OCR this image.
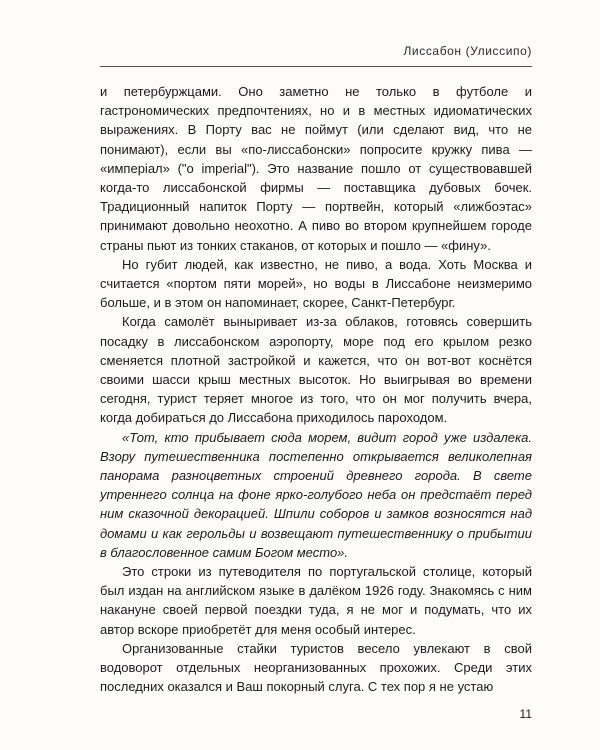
Лиссабон (Улиссипо)

и петербуржцами. Оно заметно не только в футболе и гастрономических предпочтениях, но и в местных идиоматических выражениях. В Порту вас не поймут (или сделают вид, что не понимают), если вы «по-лиссабонски» попросите кружку пива — «имперіал» ("o imperial"). Это название пошло от существовавшей когда-то лиссабонской фирмы — поставщика дубовых бочек. Традиционный напиток Порту — портвейн, который «лижбоэтас» принимают довольно неохотно. А пиво во втором крупнейшем городе страны пьют из тонких стаканов, от которых и пошло — «фину».

Но губит людей, как известно, не пиво, а вода. Хоть Москва и считается «портом пяти морей», но воды в Лиссабоне неизмеримо больше, и в этом он напоминает, скорее, Санкт-Петербург.

Когда самолёт выныривает из-за облаков, готовясь совершить посадку в лиссабонском аэропорту, море под его крылом резко сменяется плотной застройкой и кажется, что он вот-вот коснётся своими шасси крыш местных высоток. Но выигрывая во времени сегодня, турист теряет многое из того, что он мог получить вчера, когда добираться до Лиссабона приходилось пароходом.

«Тот, кто прибывает сюда морем, видит город уже издалека. Взору путешественника постепенно открывается великолепная панорама разноцветных строений древнего города. В свете утреннего солнца на фоне ярко-голубого неба он предстаёт перед ним сказочной декорацией. Шпили соборов и замков возносятся над домами и как герольды и возвещают путешественнику о прибытии в благословенное самим Богом место».

Это строки из путеводителя по португальской столице, который был издан на английском языке в далёком 1926 году. Знакомясь с ним накануне своей первой поездки туда, я не мог и подумать, что их автор вскоре приобретёт для меня особый интерес.

Организованные стайки туристов весело увлекают в свой водоворот отдельных неорганизованных прохожих. Среди этих последних оказался и Ваш покорный слуга. С тех пор я не устаю

11
